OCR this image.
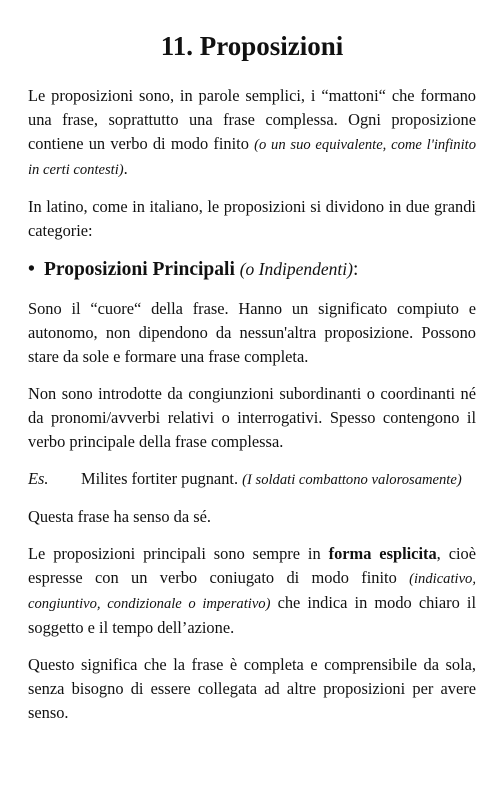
11. Proposizioni

Le proposizioni sono, in parole semplici, i “mattoni“ che formano una frase, soprattutto una frase complessa. Ogni proposizione contiene un verbo di modo finito (o un suo equivalente, come l'infinito in certi contesti).

In latino, come in italiano, le proposizioni si dividono in due grandi categorie:

• Proposizioni Principali (o Indipendenti):

Sono il “cuore“ della frase. Hanno un significato compiuto e autonomo, non dipendono da nessun'altra proposizione. Possono stare da sole e formare una frase completa.

Non sono introdotte da congiunzioni subordinanti o coordinanti né da pronomi/avverbi relativi o interrogativi. Spesso contengono il verbo principale della frase complessa.

Es.	Milites fortiter pugnant. (I soldati combattono valorosamente)

Questa frase ha senso da sé.

Le proposizioni principali sono sempre in forma esplicita, cioè espresse con un verbo coniugato di modo finito (indicativo, congiuntivo, condizionale o imperativo) che indica in modo chiaro il soggetto e il tempo dell’azione.

Questo significa che la frase è completa e comprensibile da sola, senza bisogno di essere collegata ad altre proposizioni per avere senso.
